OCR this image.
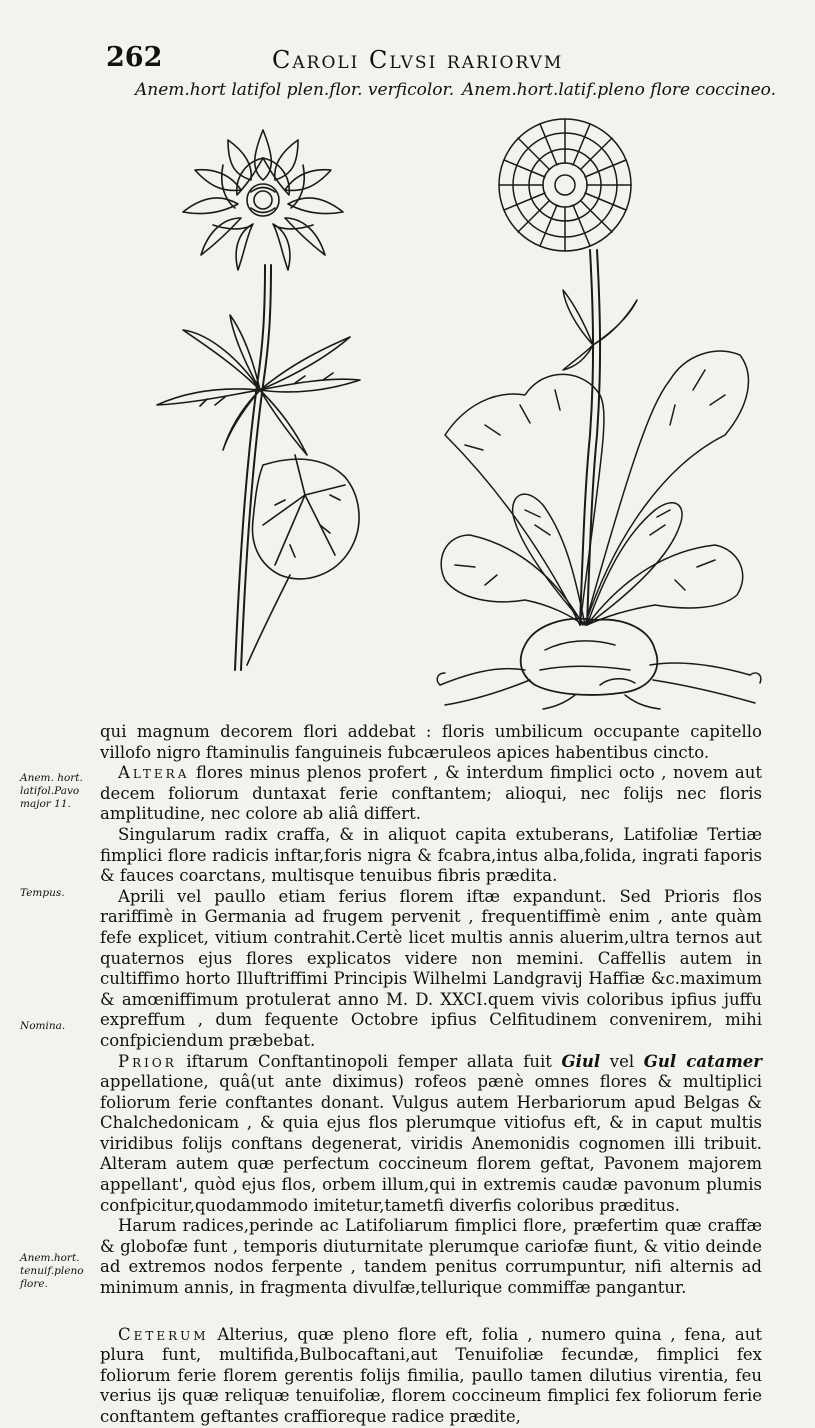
262	Caroli Clvsi rariorvm
Anem.hort latifol plen.flor. verficolor. Anem.hort.latif.pleno flore coccineo.
Anem. hort. latifol.Pavo major 11.
Tempus.
Nomina.
Anem.hort. tenuif.pleno flore.

qui magnum decorem flori addebat : floris umbilicum occupante capitello villofo nigro ftaminulis fanguineis fubcæruleos apices habentibus cincto.

Altera flores minus plenos profert , & interdum fimplici octo , novem aut decem foliorum duntaxat ferie conftantem; alioqui, nec folijs nec floris amplitudine, nec colore ab aliâ differt.

Singularum radix craffa, & in aliquot capita extuberans, Latifoliæ Tertiæ fimplici flore radicis inftar,foris nigra & fcabra,intus alba,folida, ingrati faporis & fauces coarctans, multisque tenuibus fibris prædita.

Aprili vel paullo etiam ferius florem iftæ expandunt. Sed Prioris flos rariffimè in Germania ad frugem pervenit , frequentiffimè enim , ante quàm fefe explicet, vitium contrahit.Certè licet multis annis aluerim,ultra ternos aut quaternos ejus flores explicatos videre non memini. Caffellis autem in cultiffimo horto Illuftriffimi Principis Wilhelmi Landgravij Haffiæ &c.maximum & amœniffimum protulerat anno M. D. XXCI.quem vivis coloribus ipfius juffu expreffum , dum fequente Octobre ipfius Celfitudinem convenirem, mihi confpiciendum præbebat.

Prior iftarum Conftantinopoli femper allata fuit Giul vel Gul catamer appellatione, quâ(ut ante diximus) rofeos pænè omnes flores & multiplici foliorum ferie conftantes donant. Vulgus autem Herbariorum apud Belgas & Chalchedonicam , & quia ejus flos plerumque vitiofus eft, & in caput multis viridibus folijs conftans degenerat, viridis Anemonidis cognomen illi tribuit. Alteram autem quæ perfectum coccineum florem geftat, Pavonem majorem appellant', quòd ejus flos, orbem illum,qui in extremis caudæ pavonum plumis confpicitur,quodammodo imitetur,tametfi diverfis coloribus præditus.

Harum radices,perinde ac Latifoliarum fimplici flore, præfertim quæ craffæ & globofæ funt , temporis diuturnitate plerumque cariofæ fiunt, & vitio deinde ad extremos nodos ferpente , tandem penitus corrumpuntur, nifi alternis ad minimum annis, in fragmenta divulfæ,tellurique commiffæ pangantur.

Ceterum Alterius, quæ pleno flore eft, folia , numero quina , fena, aut plura funt, multifida,Bulbocaftani,aut Tenuifoliæ fecundæ, fimplici fex foliorum ferie florem gerentis folijs fimilia, paullo tamen dilutius virentia, feu verius ijs quæ reliquæ tenuifoliæ, florem coccineum fimplici fex foliorum ferie conftantem geftantes craffioreque radice prædite,
